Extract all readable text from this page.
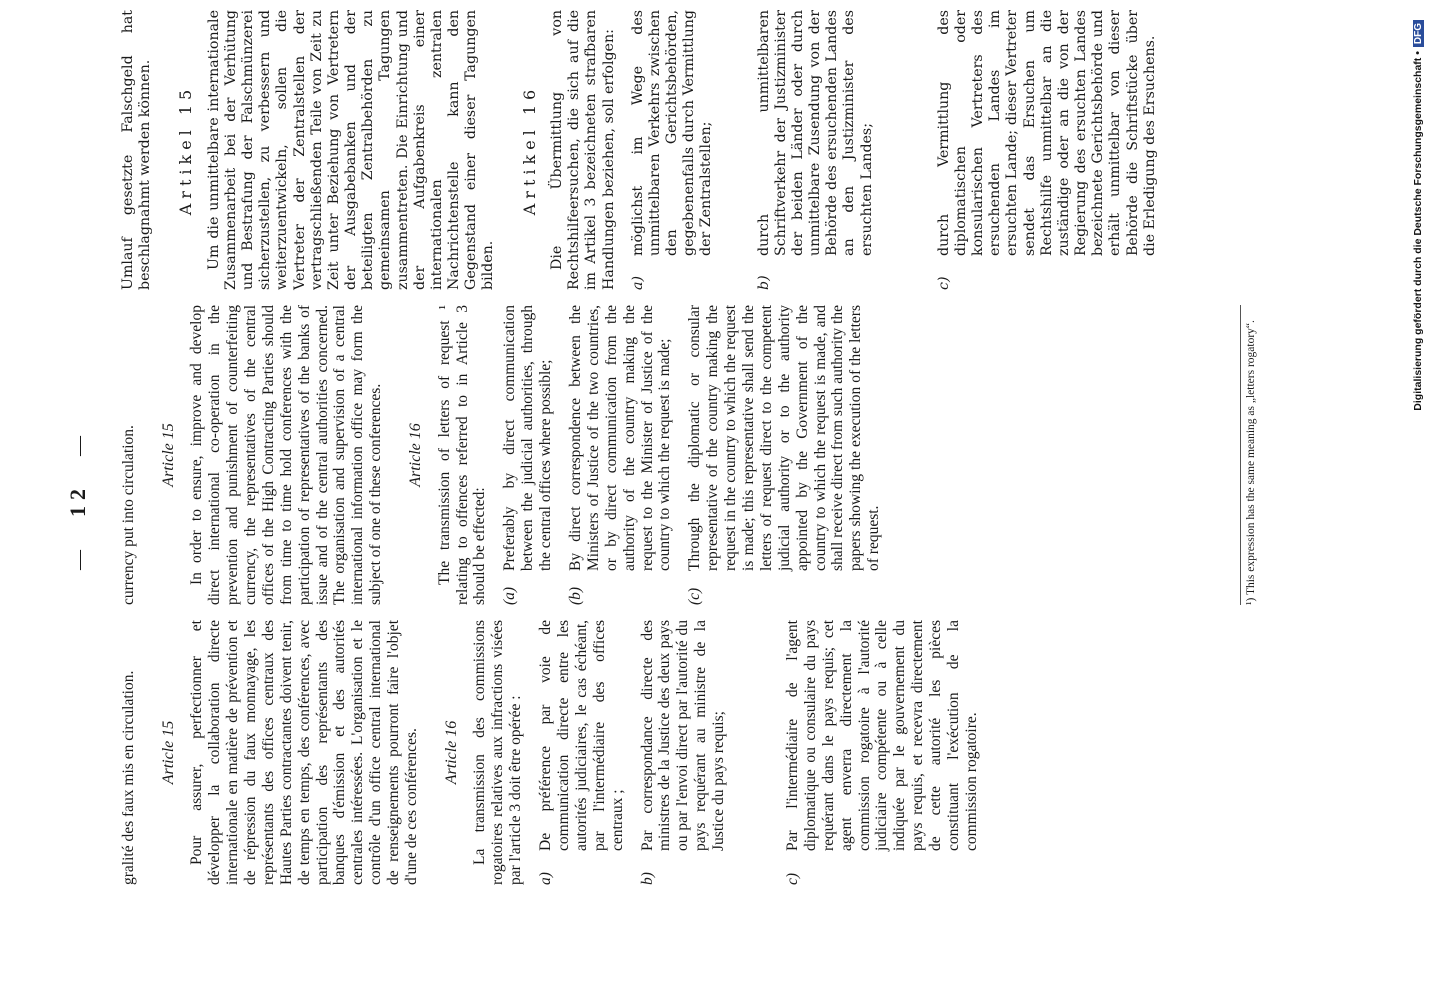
— 12 —

gralité des faux mis en circulation. Article 15 Pour assurer, perfectionner et développer la collaboration directe internationale en matière de prévention et de répression du faux monnayage, les représentants des offices centraux des Hautes Parties contractantes doivent tenir, de temps en temps, des conférences, avec participation des représentants des banques d'émission et des autorités centrales intéressées. L'organisation et le contrôle d'un office central international de renseignements pourront faire l'objet d'une de ces conférences. Article 16 La transmission des commissions rogatoires relatives aux infractions visées par l'article 3 doit être opérée : a)
De préférence par voie de communication directe entre les autorités judiciaires, le cas échéant, par l'intermédiaire des offices centraux ;
b)
Par correspondance directe des ministres de la Justice des deux pays ou par l'envoi direct par l'autorité du pays requérant au ministre de la Justice du pays requis;
c)
Par l'intermédiaire de l'agent diplomatique ou consulaire du pays requérant dans le pays requis; cet agent enverra directement la commission rogatoire à l'autorité judiciaire compétente ou à celle indiquée par le gouvernement du pays requis, et recevra directement de cette autorité les pièces constituant l'exécution de la commission rogatoire.

currency put into circulation. Article 15 In order to ensure, improve and develop direct international co-operation in the prevention and punishment of counterfeiting currency, the representatives of the central offices of the High Contracting Parties should from time to time hold conferences with the participation of representatives of the banks of issue and of the central authorities concerned. The organisation and supervision of a central international information office may form the subject of one of these conferences. Article 16 The transmission of letters of request ¹ relating to offences referred to in Article 3 should be effected: (a)
Preferably by direct communication between the judicial authorities, through the central offices where possible;
(b)
By direct correspondence between the Ministers of Justice of the two countries, or by direct communication from the authority of the country making the request to the Minister of Justice of the country to which the request is made;
(c)
Through the diplomatic or consular representative of the country making the request in the country to which the request is made; this representative shall send the letters of request direct to the competent judicial authority or to the authority appointed by the Government of the country to which the request is made, and shall receive direct from such authority the papers showing the execution of the letters of request.	¹) This expression has the same meaning as „letters rogatory“.

Umlauf gesetzte Falschgeld hat beschlagnahmt werden können. Artikel 15 Um die unmittelbare internationale Zusammenarbeit bei der Verhütung und Bestrafung der Falschmünzerei sicherzustellen, zu verbessern und weiterzuentwickeln, sollen die Vertreter der Zentralstellen der vertragschließenden Teile von Zeit zu Zeit unter Beziehung von Vertretern der Ausgabebanken und der beteiligten Zentralbehörden zu gemeinsamen Tagungen zusammentreten. Die Einrichtung und der Aufgabenkreis einer internationalen zentralen Nachrichtenstelle kann den Gegenstand einer dieser Tagungen bilden.

Artikel 16 Die Übermittlung von Rechtshilfeersuchen, die sich auf die im Artikel 3 bezeichneten strafbaren Handlungen beziehen, soll erfolgen: a)
möglichst im Wege des unmittelbaren Verkehrs zwischen den Gerichtsbehörden, gegebenenfalls durch Vermittlung der Zentralstellen;
b)
durch unmittelbaren Schriftverkehr der Justizminister der beiden Länder oder durch unmittelbare Zusendung von der Behörde des ersuchenden Landes an den Justizminister des ersuchten Landes;
c)
durch Vermittlung des diplomatischen oder konsularischen Vertreters des ersuchenden Landes im ersuchten Lande; dieser Vertreter sendet das Ersuchen um Rechtshilfe unmittelbar an die zuständige oder an die von der Regierung des ersuchten Landes bezeichnete Gerichtsbehörde und erhält unmittelbar von dieser Behörde die Schriftstücke über die Erledigung des Ersuchens.	Digitalisierung gefördert durch die Deutsche Forschungsgemeinschaft •DFG
